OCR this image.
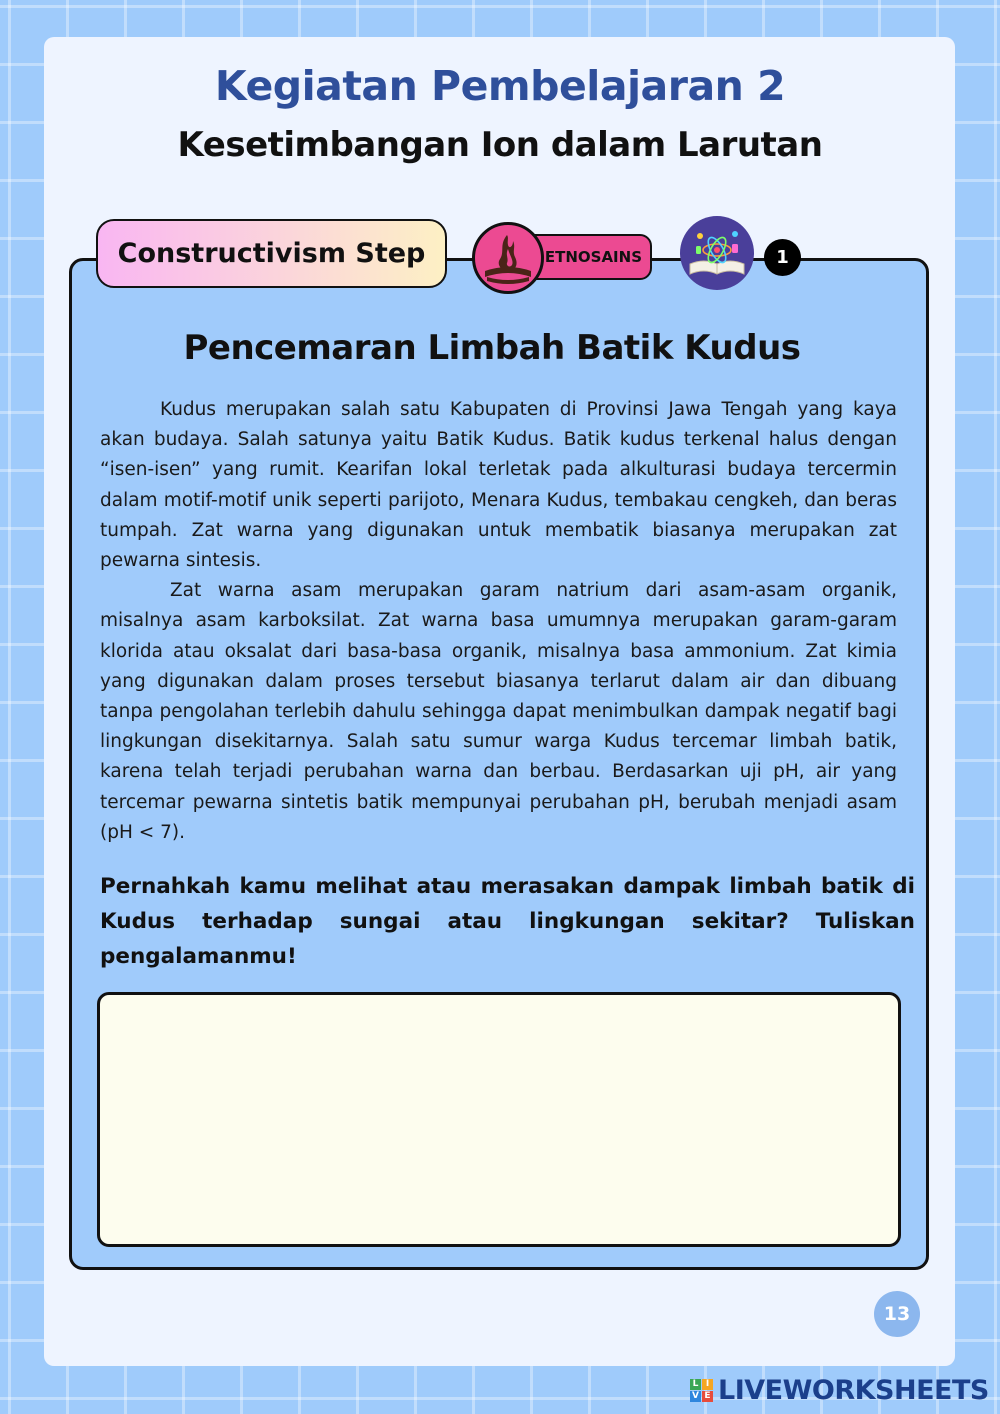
Kegiatan Pembelajaran 2
Kesetimbangan Ion dalam Larutan
Constructivism Step	ETNOSAINS	1
Pencemaran Limbah Batik Kudus

Kudus merupakan salah satu Kabupaten di Provinsi Jawa Tengah yang kaya akan budaya. Salah satunya yaitu Batik Kudus. Batik kudus terkenal halus dengan “isen-isen” yang rumit. Kearifan lokal terletak pada alkulturasi budaya tercermin dalam motif-motif unik seperti parijoto, Menara Kudus, tembakau cengkeh, dan beras tumpah. Zat warna yang digunakan untuk membatik biasanya merupakan zat pewarna sintesis.

Zat warna asam merupakan garam natrium dari asam-asam organik, misalnya asam karboksilat. Zat warna basa umumnya merupakan garam-garam klorida atau oksalat dari basa-basa organik, misalnya basa ammonium. Zat kimia yang digunakan dalam proses tersebut biasanya terlarut dalam air dan dibuang tanpa pengolahan terlebih dahulu sehingga dapat menimbulkan dampak negatif bagi lingkungan disekitarnya. Salah satu sumur warga Kudus tercemar limbah batik, karena telah terjadi perubahan warna dan berbau. Berdasarkan uji pH, air yang tercemar pewarna sintetis batik mempunyai perubahan pH, berubah menjadi asam (pH < 7).

Pernahkah kamu melihat atau merasakan dampak limbah batik di Kudus terhadap sungai atau lingkungan sekitar? Tuliskan pengalamanmu!
13
L I
V E LIVEWORKSHEETS
